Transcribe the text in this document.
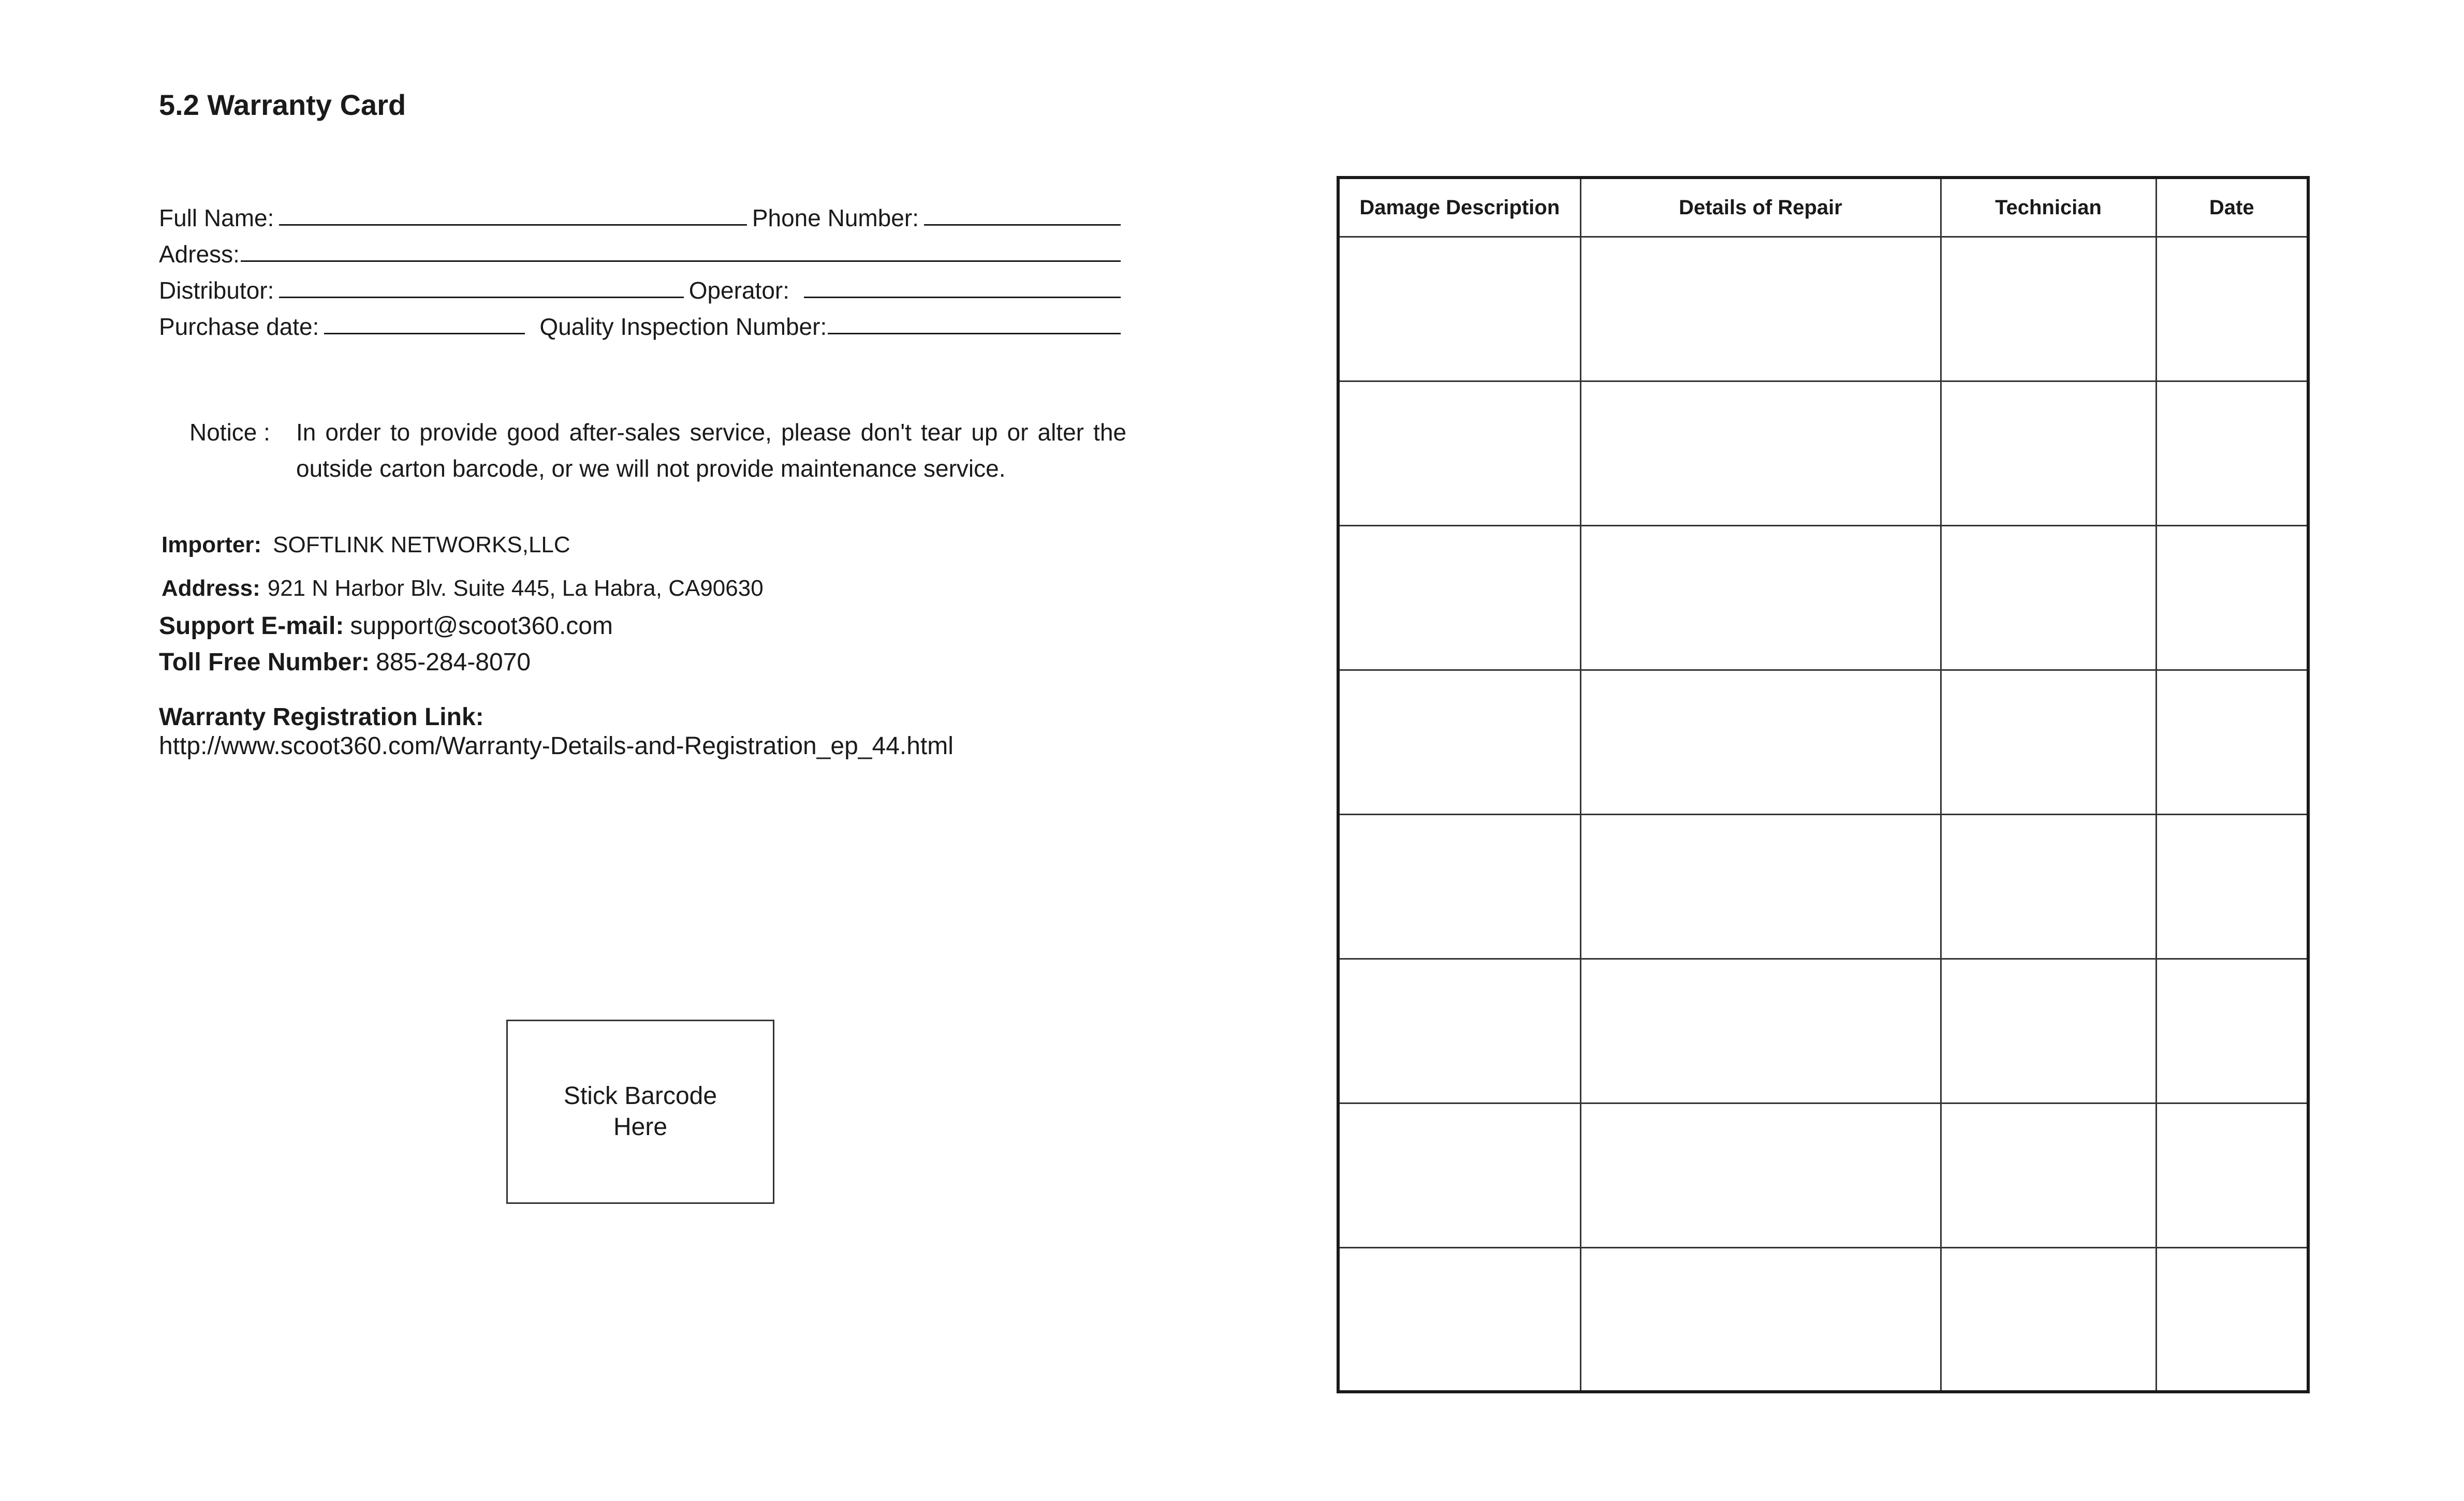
5.2 Warranty Card
Full Name:	Phone Number:
Adress:
Distributor:	Operator:
Purchase date:	Quality Inspection Number:
Notice : In order to provide good after-sales service, please don't tear up or alter the outside carton barcode, or we will not provide maintenance service.
Importer: SOFTLINK NETWORKS,LLC
Address: 921 N Harbor Blv. Suite 445, La Habra, CA90630
Support E-mail: support@scoot360.com
Toll Free Number: 885-284-8070
Warranty Registration Link:
http://www.scoot360.com/Warranty-Details-and-Registration_ep_44.html
Stick Barcode
Here
Damage Description	Details of Repair	Technician	Date
